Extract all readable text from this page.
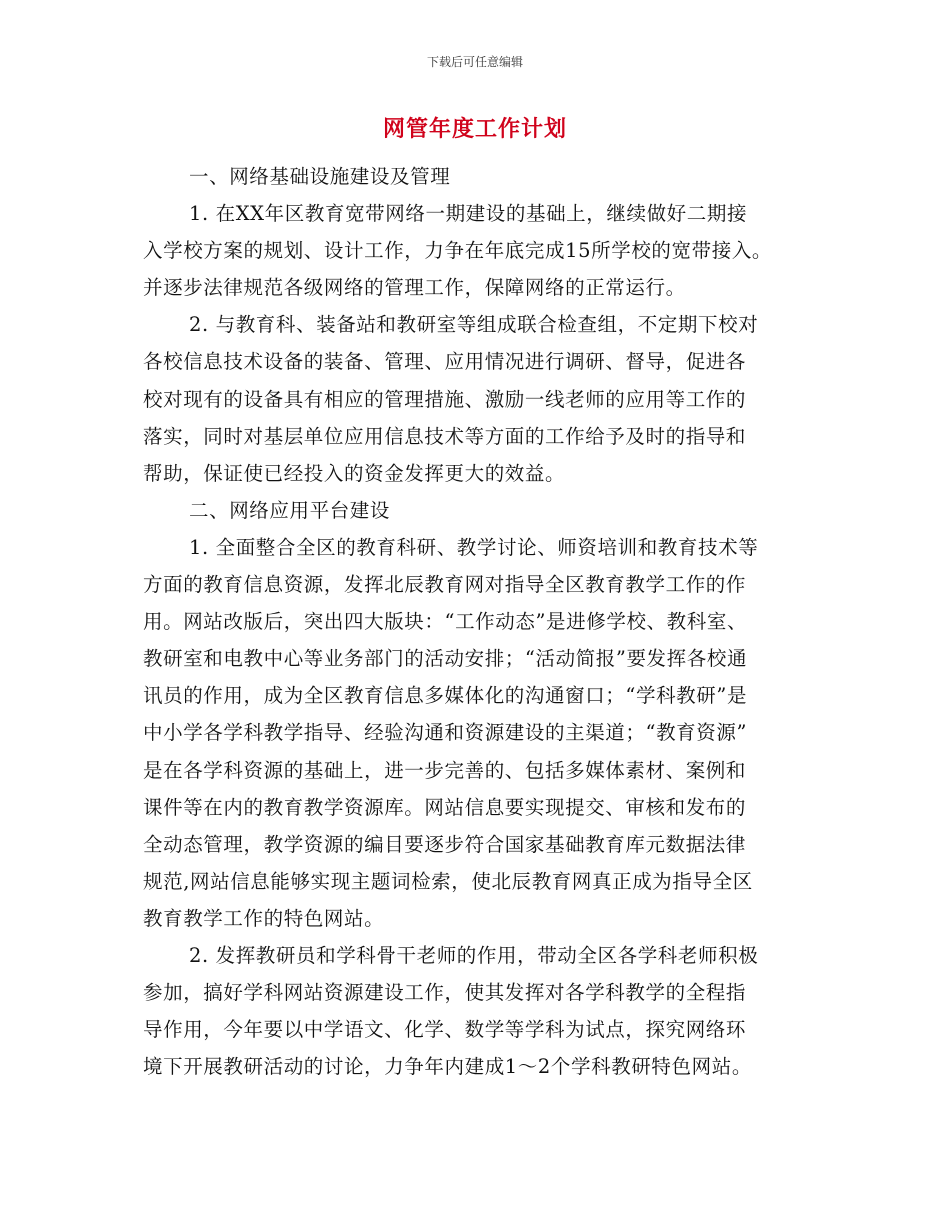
下载后可任意编辑
网管年度工作计划
一、网络基础设施建设及管理
1. 在XX年区教育宽带网络一期建设的基础上，继续做好二期接
入学校方案的规划、设计工作，力争在年底完成15所学校的宽带接入。
并逐步法律规范各级网络的管理工作，保障网络的正常运行。
2. 与教育科、装备站和教研室等组成联合检查组，不定期下校对
各校信息技术设备的装备、管理、应用情况进行调研、督导，促进各
校对现有的设备具有相应的管理措施、激励一线老师的应用等工作的
落实，同时对基层单位应用信息技术等方面的工作给予及时的指导和
帮助，保证使已经投入的资金发挥更大的效益。
二、网络应用平台建设
1. 全面整合全区的教育科研、教学讨论、师资培训和教育技术等
方面的教育信息资源，发挥北辰教育网对指导全区教育教学工作的作
用。网站改版后，突出四大版块：“工作动态”是进修学校、教科室、
教研室和电教中心等业务部门的活动安排；“活动简报”要发挥各校通
讯员的作用，成为全区教育信息多媒体化的沟通窗口；“学科教研”是
中小学各学科教学指导、经验沟通和资源建设的主渠道；“教育资源”
是在各学科资源的基础上，进一步完善的、包括多媒体素材、案例和
课件等在内的教育教学资源库。网站信息要实现提交、审核和发布的
全动态管理，教学资源的编目要逐步符合国家基础教育库元数据法律
规范,网站信息能够实现主题词检索，使北辰教育网真正成为指导全区
教育教学工作的特色网站。
2. 发挥教研员和学科骨干老师的作用，带动全区各学科老师积极
参加，搞好学科网站资源建设工作，使其发挥对各学科教学的全程指
导作用，今年要以中学语文、化学、数学等学科为试点，探究网络环
境下开展教研活动的讨论，力争年内建成1～2个学科教研特色网站。
